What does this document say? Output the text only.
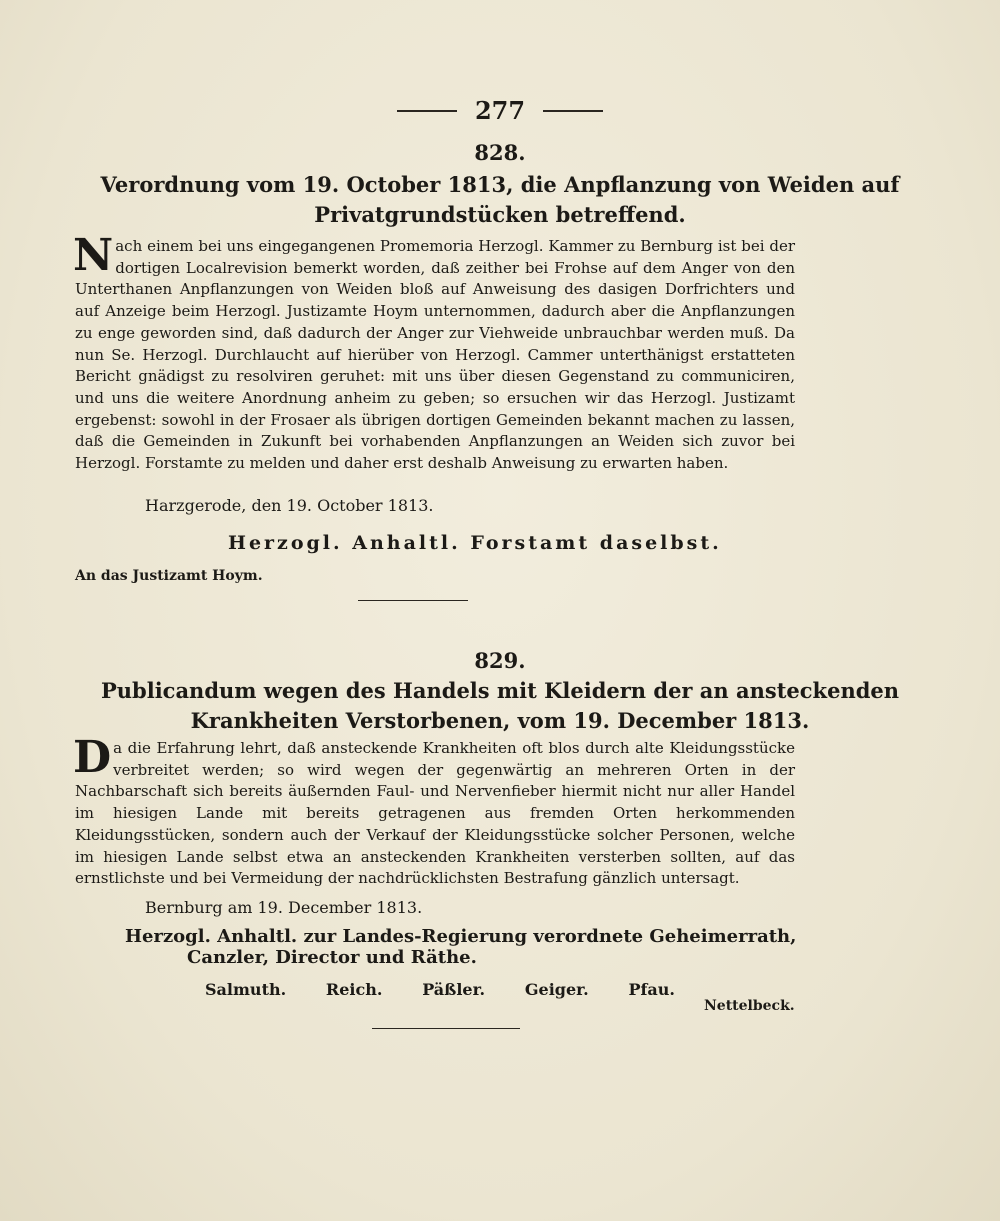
277
828.
Verordnung vom 19. October 1813, die Anpflanzung von Weiden auf
Privatgrundstücken betreffend.
Nach einem bei uns eingegangenen Promemoria Herzogl. Kammer zu Bernburg ist bei der dortigen Localrevision bemerkt worden, daß zeither bei Frohse auf dem Anger von den Unterthanen Anpflanzungen von Weiden bloß auf Anweisung des dasigen Dorfrichters und auf Anzeige beim Herzogl. Justizamte Hoym unternommen, dadurch aber die Anpflanzungen zu enge geworden sind, daß dadurch der Anger zur Viehweide unbrauchbar werden muß. Da nun Se. Herzogl. Durchlaucht auf hierüber von Herzogl. Cammer unterthänigst erstatteten Bericht gnädigst zu resolviren geruhet: mit uns über diesen Gegenstand zu communiciren, und uns die weitere Anordnung anheim zu geben; so ersuchen wir das Herzogl. Justizamt ergebenst: sowohl in der Frosaer als übrigen dortigen Gemeinden bekannt machen zu lassen, daß die Gemeinden in Zukunft bei vorhabenden Anpflanzungen an Weiden sich zuvor bei Herzogl. Forstamte zu melden und daher erst deshalb Anweisung zu erwarten haben.
Harzgerode, den 19. October 1813.
Herzogl. Anhaltl. Forstamt daselbst.
An das Justizamt Hoym.
829.
Publicandum wegen des Handels mit Kleidern der an ansteckenden
Krankheiten Verstorbenen, vom 19. December 1813.
Da die Erfahrung lehrt, daß ansteckende Krankheiten oft blos durch alte Kleidungsstücke verbreitet werden; so wird wegen der gegenwärtig an mehreren Orten in der Nachbarschaft sich bereits äußernden Faul- und Nervenfieber hiermit nicht nur aller Handel im hiesigen Lande mit bereits getragenen aus fremden Orten herkommenden Kleidungsstücken, sondern auch der Verkauf der Kleidungsstücke solcher Personen, welche im hiesigen Lande selbst etwa an ansteckenden Krankheiten versterben sollten, auf das ernstlichste und bei Vermeidung der nachdrücklichsten Bestrafung gänzlich untersagt.
Bernburg am 19. December 1813.
Herzogl. Anhaltl. zur Landes-Regierung verordnete Geheimerrath,
Canzler, Director und Räthe.
Salmuth. Reich. Päßler. Geiger. Pfau.
Nettelbeck.
